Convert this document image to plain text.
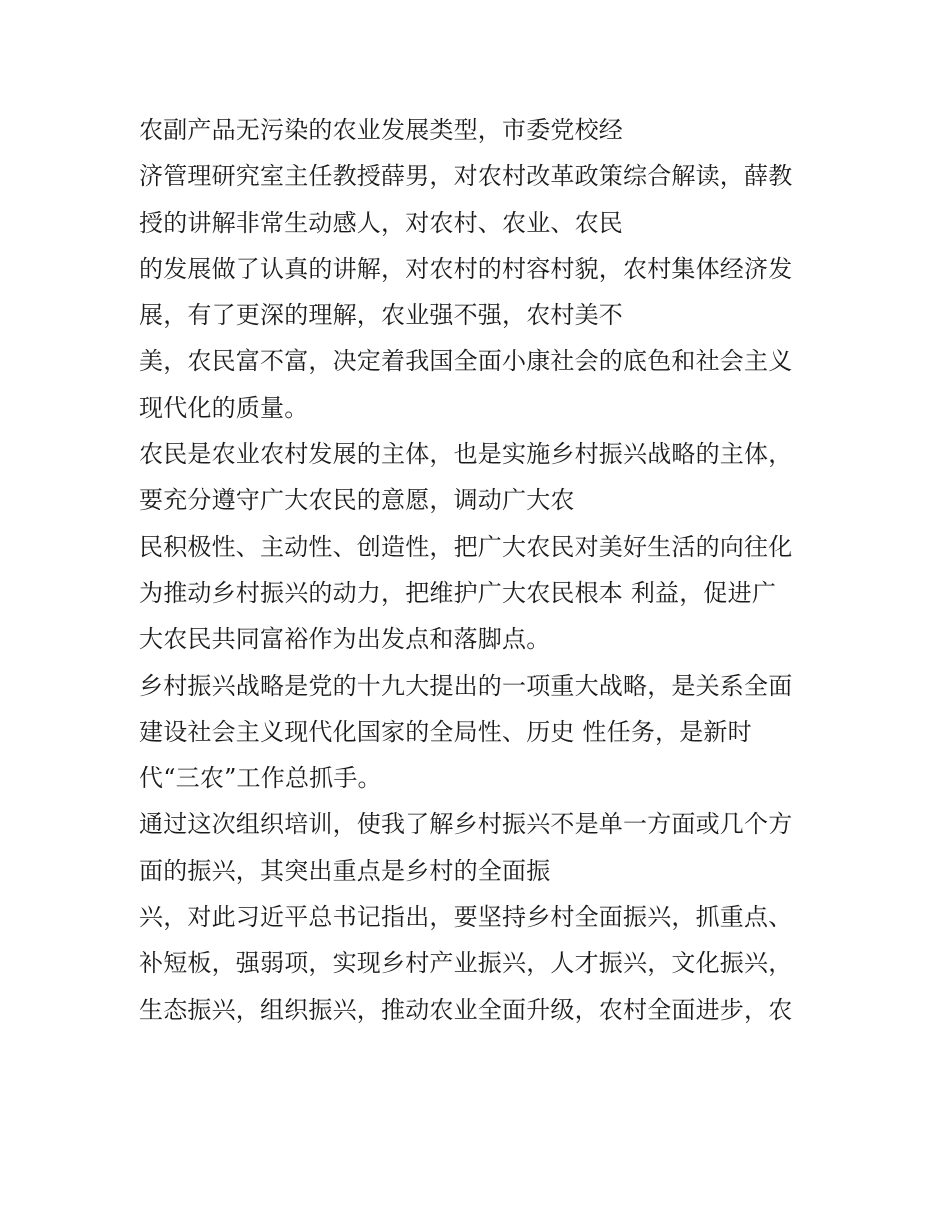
农副产品无污染的农业发展类型，市委党校经
济管理研究室主任教授薛男，对农村改革政策综合解读，薛教
授的讲解非常生动感人，对农村、农业、农民
的发展做了认真的讲解，对农村的村容村貌，农村集体经济发
展，有了更深的理解，农业强不强，农村美不
美，农民富不富，决定着我国全面小康社会的底色和社会主义
现代化的质量。
农民是农业农村发展的主体，也是实施乡村振兴战略的主体，
要充分遵守广大农民的意愿，调动广大农
民积极性、主动性、创造性，把广大农民对美好生活的向往化
为推动乡村振兴的动力，把维护广大农民根本 利益，促进广
大农民共同富裕作为出发点和落脚点。
乡村振兴战略是党的十九大提出的一项重大战略，是关系全面
建设社会主义现代化国家的全局性、历史 性任务，是新时
代“三农”工作总抓手。
通过这次组织培训，使我了解乡村振兴不是单一方面或几个方
面的振兴，其突出重点是乡村的全面振
兴，对此习近平总书记指出，要坚持乡村全面振兴，抓重点、
补短板，强弱项，实现乡村产业振兴，人才振兴，文化振兴，
生态振兴，组织振兴，推动农业全面升级，农村全面进步，农
